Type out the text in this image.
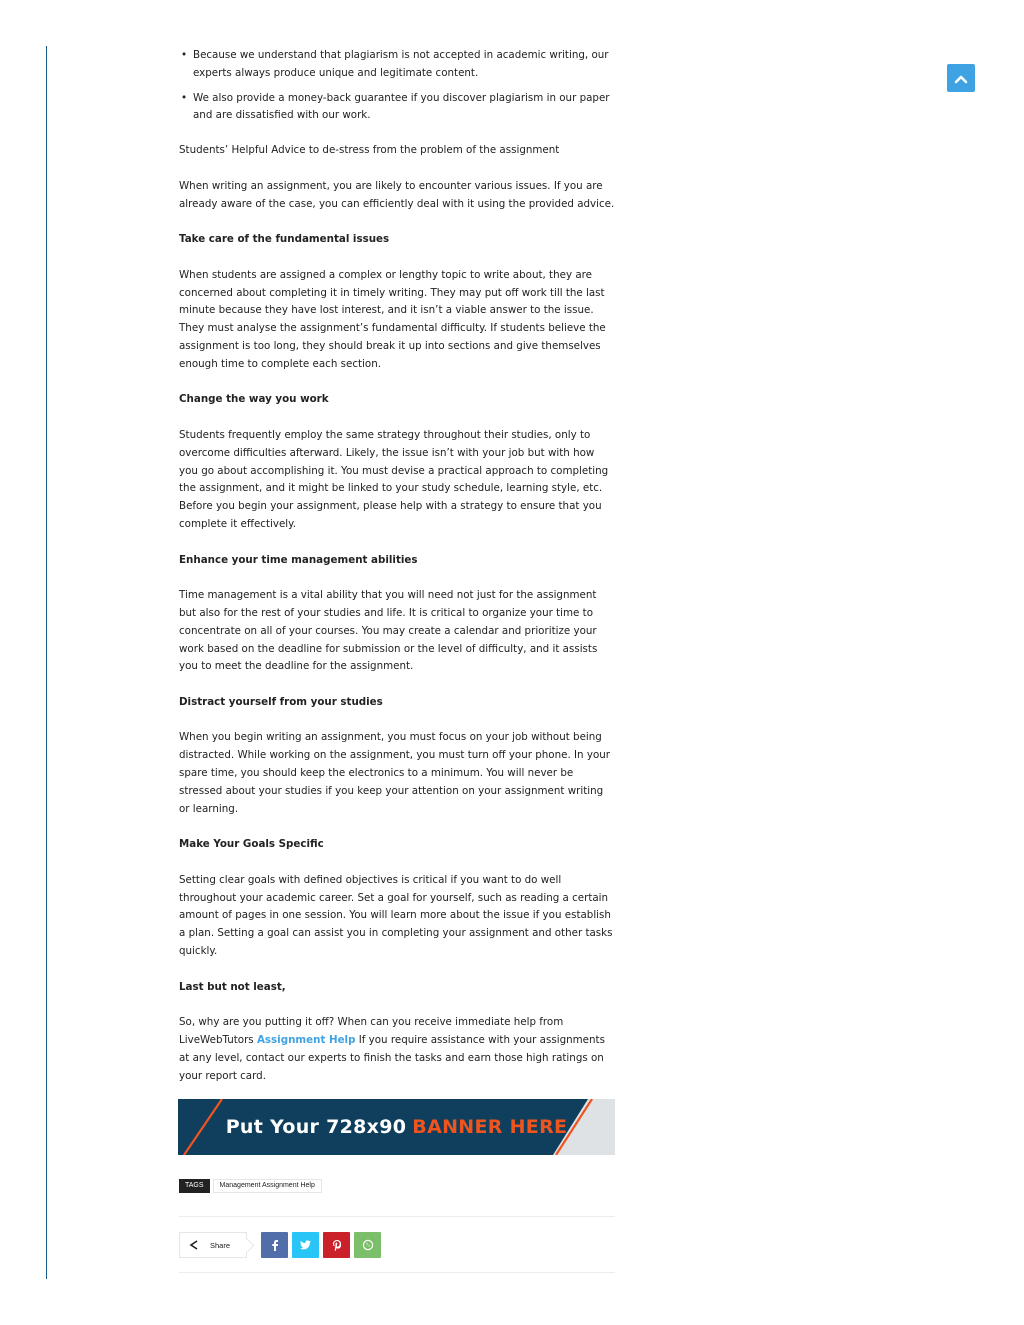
• Because we understand that plagiarism is not accepted in academic writing, our experts always produce unique and legitimate content.
• We also provide a money-back guarantee if you discover plagiarism in our paper and are dissatisfied with our work.

Students’ Helpful Advice to de-stress from the problem of the assignment

When writing an assignment, you are likely to encounter various issues. If you are already aware of the case, you can efficiently deal with it using the provided advice.

Take care of the fundamental issues

When students are assigned a complex or lengthy topic to write about, they are concerned about completing it in timely writing. They may put off work till the last minute because they have lost interest, and it isn’t a viable answer to the issue. They must analyse the assignment’s fundamental difficulty. If students believe the assignment is too long, they should break it up into sections and give themselves enough time to complete each section.

Change the way you work

Students frequently employ the same strategy throughout their studies, only to overcome difficulties afterward. Likely, the issue isn’t with your job but with how you go about accomplishing it. You must devise a practical approach to completing the assignment, and it might be linked to your study schedule, learning style, etc. Before you begin your assignment, please help with a strategy to ensure that you complete it effectively.

Enhance your time management abilities

Time management is a vital ability that you will need not just for the assignment but also for the rest of your studies and life. It is critical to organize your time to concentrate on all of your courses. You may create a calendar and prioritize your work based on the deadline for submission or the level of difficulty, and it assists you to meet the deadline for the assignment.

Distract yourself from your studies

When you begin writing an assignment, you must focus on your job without being distracted. While working on the assignment, you must turn off your phone. In your spare time, you should keep the electronics to a minimum. You will never be stressed about your studies if you keep your attention on your assignment writing or learning.

Make Your Goals Specific

Setting clear goals with defined objectives is critical if you want to do well throughout your academic career. Set a goal for yourself, such as reading a certain amount of pages in one session. You will learn more about the issue if you establish a plan. Setting a goal can assist you in completing your assignment and other tasks quickly.

Last but not least,

So, why are you putting it off? When can you receive immediate help from LiveWebTutors Assignment Help If you require assistance with your assignments at any level, contact our experts to finish the tasks and earn those high ratings on your report card.

Put Your 728x90 BANNER HERE
TAGS	Management Assignment Help
Share
